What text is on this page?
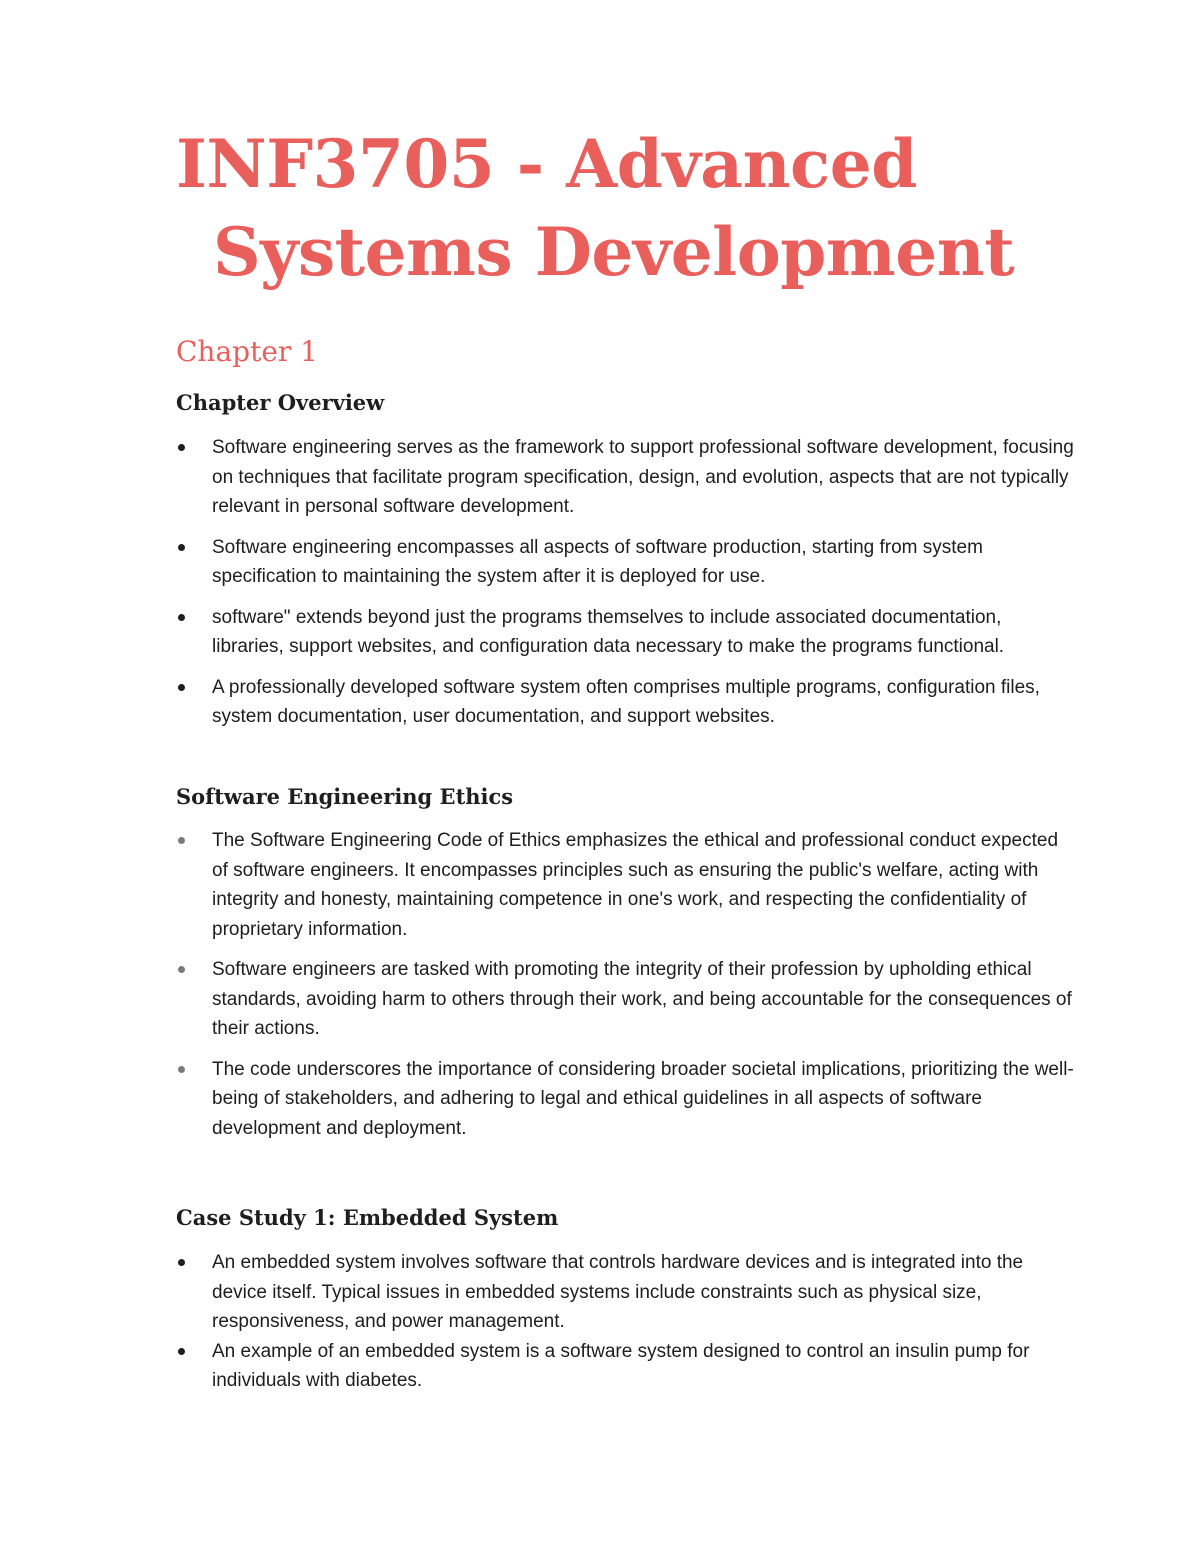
INF3705 - Advanced

Systems Development
Chapter 1
Chapter Overview
Software engineering serves as the framework to support professional software development, focusing on techniques that facilitate program specification, design, and evolution, aspects that are not typically relevant in personal software development.
Software engineering encompasses all aspects of software production, starting from system specification to maintaining the system after it is deployed for use.
software" extends beyond just the programs themselves to include associated documentation, libraries, support websites, and configuration data necessary to make the programs functional.
A professionally developed software system often comprises multiple programs, configuration files, system documentation, user documentation, and support websites.
Software Engineering Ethics
The Software Engineering Code of Ethics emphasizes the ethical and professional conduct expected of software engineers. It encompasses principles such as ensuring the public's welfare, acting with integrity and honesty, maintaining competence in one's work, and respecting the confidentiality of proprietary information.
Software engineers are tasked with promoting the integrity of their profession by upholding ethical standards, avoiding harm to others through their work, and being accountable for the consequences of their actions.
The code underscores the importance of considering broader societal implications, prioritizing the well-being of stakeholders, and adhering to legal and ethical guidelines in all aspects of software development and deployment.
Case Study 1: Embedded System
An embedded system involves software that controls hardware devices and is integrated into the device itself. Typical issues in embedded systems include constraints such as physical size, responsiveness, and power management.
An example of an embedded system is a software system designed to control an insulin pump for individuals with diabetes.
